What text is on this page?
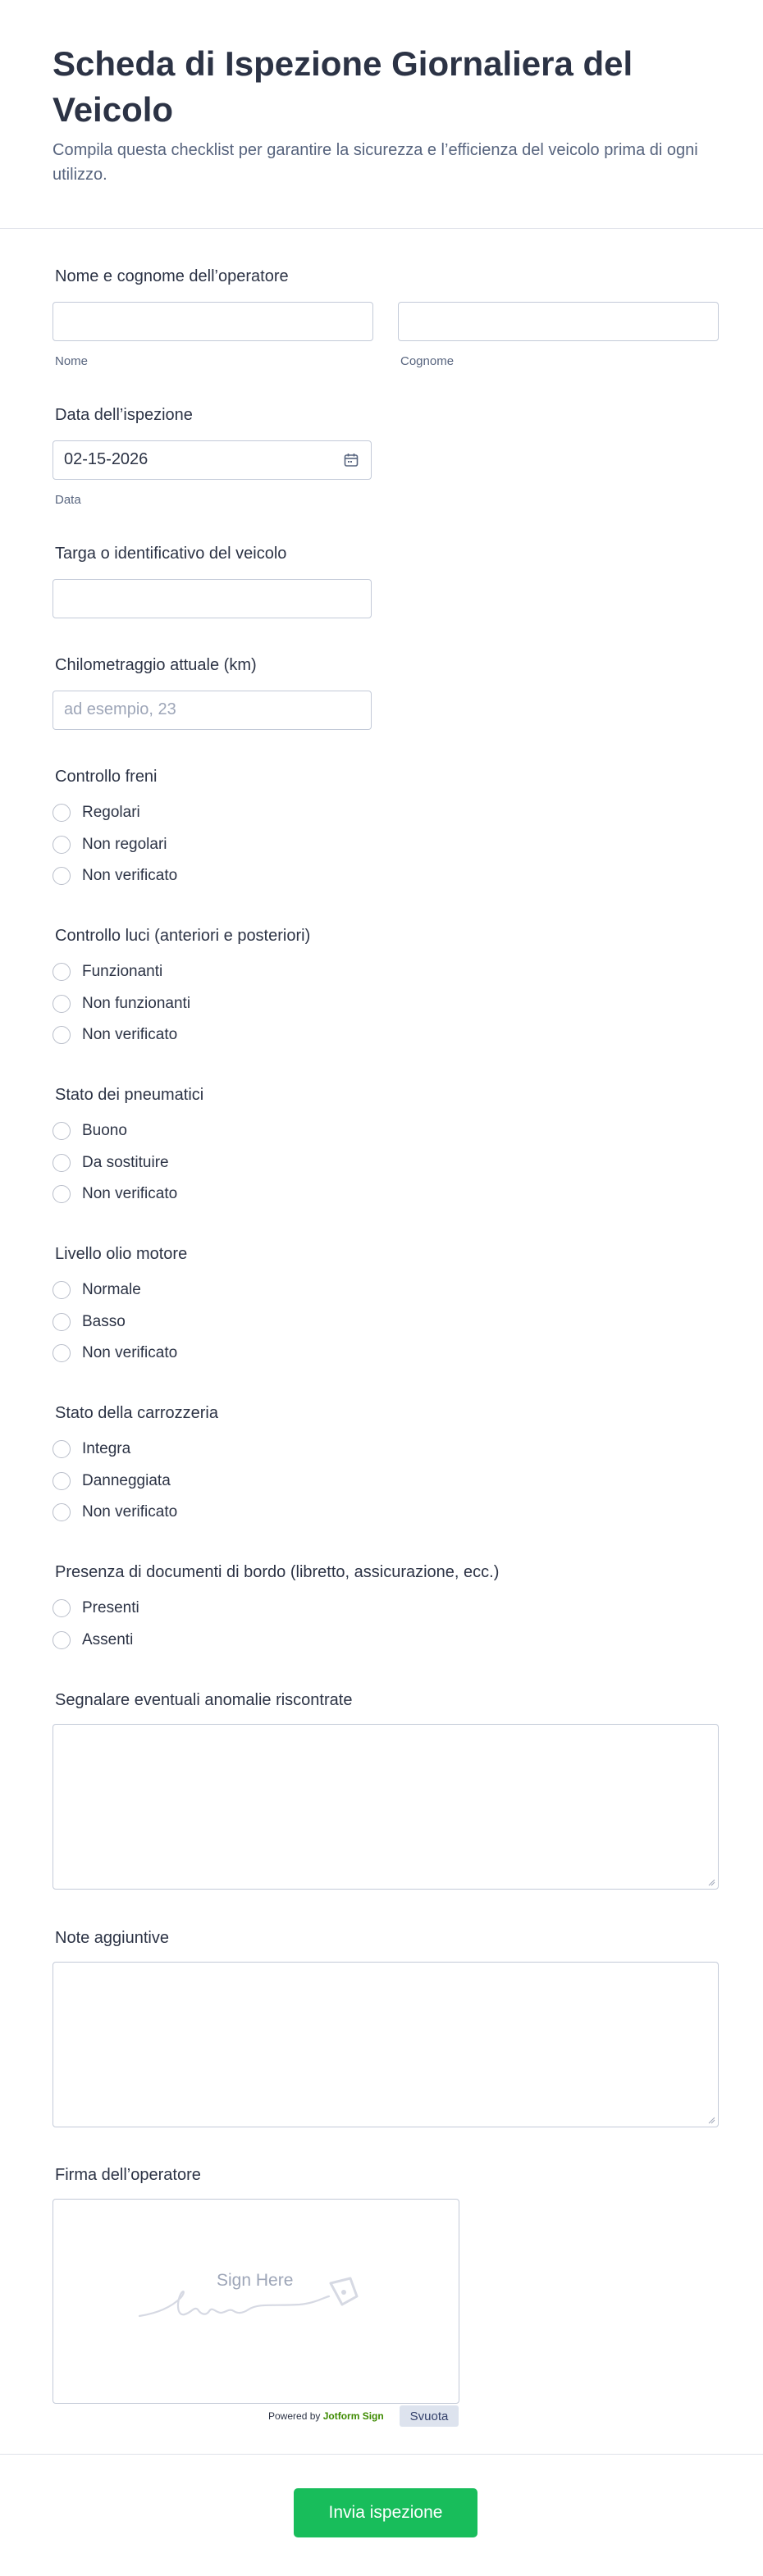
Scheda di Ispezione Giornaliera del Veicolo

Compila questa checklist per garantire la sicurezza e l’efficienza del veicolo prima di ogni utilizzo.

Nome e cognome dell’operatore
Nome	Cognome
Data dell’ispezione
02-15-2026
Data
Targa o identificativo del veicolo
Chilometraggio attuale (km)
ad esempio, 23
Controllo freni
Regolari
Non regolari
Non verificato
Controllo luci (anteriori e posteriori)
Funzionanti
Non funzionanti
Non verificato
Stato dei pneumatici
Buono
Da sostituire
Non verificato
Livello olio motore
Normale
Basso
Non verificato
Stato della carrozzeria
Integra
Danneggiata
Non verificato
Presenza di documenti di bordo (libretto, assicurazione, ecc.)
Presenti
Assenti
Segnalare eventuali anomalie riscontrate
Note aggiuntive
Firma dell’operatore
Sign Here
Powered by Jotform Sign	Svuota
Invia ispezione
